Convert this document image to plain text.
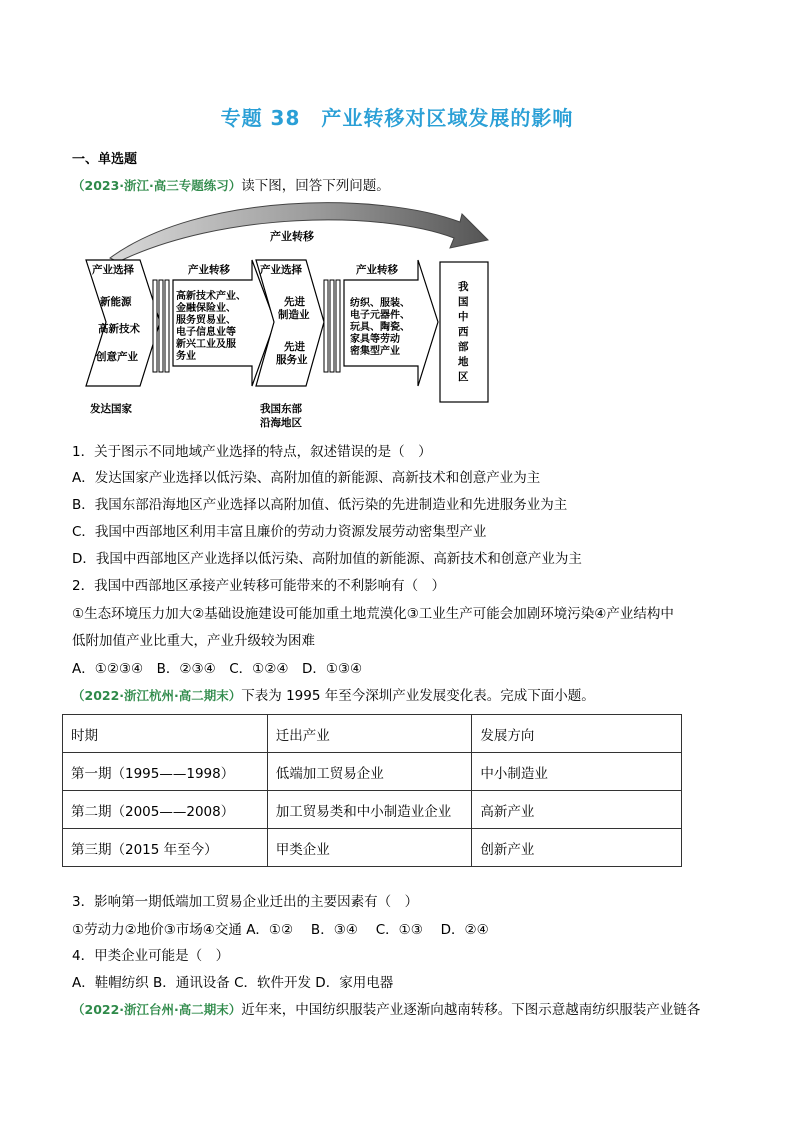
专题 38　产业转移对区域发展的影响
一、单选题
（2023·浙江·高三专题练习）读下图，回答下列问题。
产业转移
产业选择
新能源
高新技术
创意产业
发达国家
产业转移
高新技术产业、
金融保险业、
服务贸易业、
电子信息业等
新兴工业及服
务业
产业选择
先进
制造业
先进
服务业
我国东部
沿海地区
产业转移
纺织、服装、
电子元器件、
玩具、陶瓷、
家具等劳动
密集型产业
我
国
中
西
部
地
区
1．关于图示不同地域产业选择的特点，叙述错误的是（　）
A．发达国家产业选择以低污染、高附加值的新能源、高新技术和创意产业为主
B．我国东部沿海地区产业选择以高附加值、低污染的先进制造业和先进服务业为主
C．我国中西部地区利用丰富且廉价的劳动力资源发展劳动密集型产业
D．我国中西部地区产业选择以低污染、高附加值的新能源、高新技术和创意产业为主
2．我国中西部地区承接产业转移可能带来的不利影响有（　）
①生态环境压力加大②基础设施建设可能加重土地荒漠化③工业生产可能会加剧环境污染④产业结构中
低附加值产业比重大，产业升级较为困难
A．①②③④　B．②③④　C．①②④　D．①③④
（2022·浙江杭州·高二期末）下表为 1995 年至今深圳产业发展变化表。完成下面小题。
时期	迁出产业	发展方向
第一期（1995——1998）	低端加工贸易企业	中小制造业
第二期（2005——2008）	加工贸易类和中小制造业企业	高新产业
第三期（2015 年至今）	甲类企业	创新产业
3．影响第一期低端加工贸易企业迁出的主要因素有（　）
①劳动力②地价③市场④交通 A．①②　 B．③④　 C．①③　 D．②④
4．甲类企业可能是（　）
A．鞋帽纺织 B．通讯设备 C．软件开发 D．家用电器
（2022·浙江台州·高二期末）近年来，中国纺织服装产业逐渐向越南转移。下图示意越南纺织服装产业链各
